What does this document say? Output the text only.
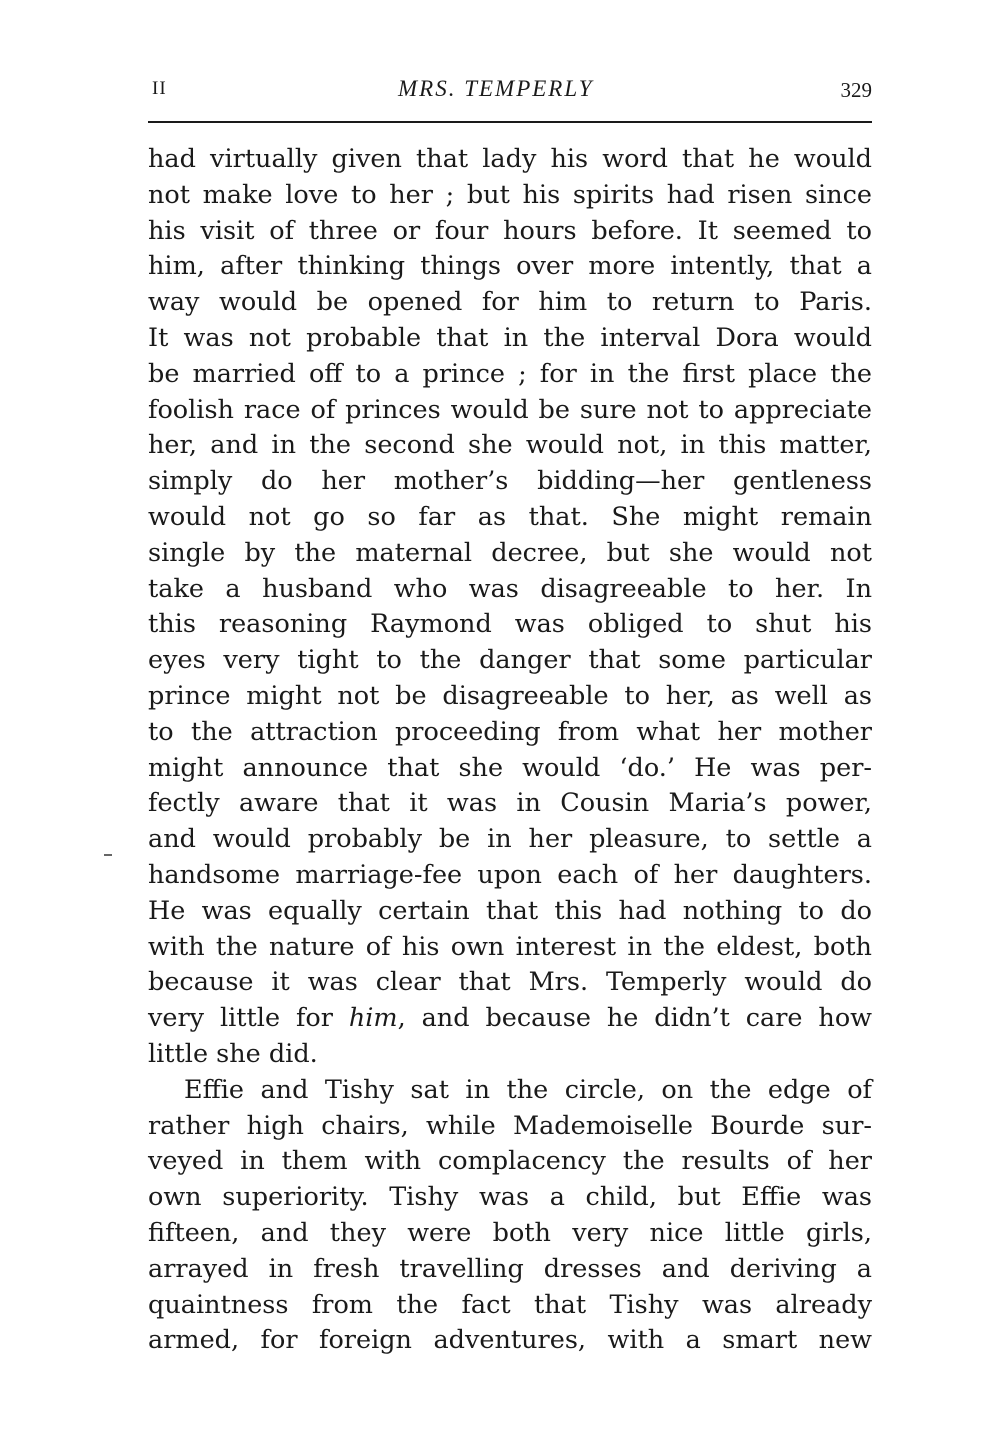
II	MRS. TEMPERLY	329
had virtually given that lady his word that he would
not make love to her ; but his spirits had risen since
his visit of three or four hours before. It seemed to
him, after thinking things over more intently, that a
way would be opened for him to return to Paris.
It was not probable that in the interval Dora would
be married off to a prince ; for in the first place the
foolish race of princes would be sure not to appreciate
her, and in the second she would not, in this matter,
simply do her mother’s bidding—her gentleness
would not go so far as that. She might remain
single by the maternal decree, but she would not
take a husband who was disagreeable to her. In
this reasoning Raymond was obliged to shut his
eyes very tight to the danger that some particular
prince might not be disagreeable to her, as well as
to the attraction proceeding from what her mother
might announce that she would ‘do.’ He was per-
fectly aware that it was in Cousin Maria’s power,
and would probably be in her pleasure, to settle a
handsome marriage-fee upon each of her daughters.
He was equally certain that this had nothing to do
with the nature of his own interest in the eldest, both
because it was clear that Mrs. Temperly would do
very little for him, and because he didn’t care how
little she did.
Effie and Tishy sat in the circle, on the edge of
rather high chairs, while Mademoiselle Bourde sur-
veyed in them with complacency the results of her
own superiority. Tishy was a child, but Effie was
fifteen, and they were both very nice little girls,
arrayed in fresh travelling dresses and deriving a
quaintness from the fact that Tishy was already
armed, for foreign adventures, with a smart new
